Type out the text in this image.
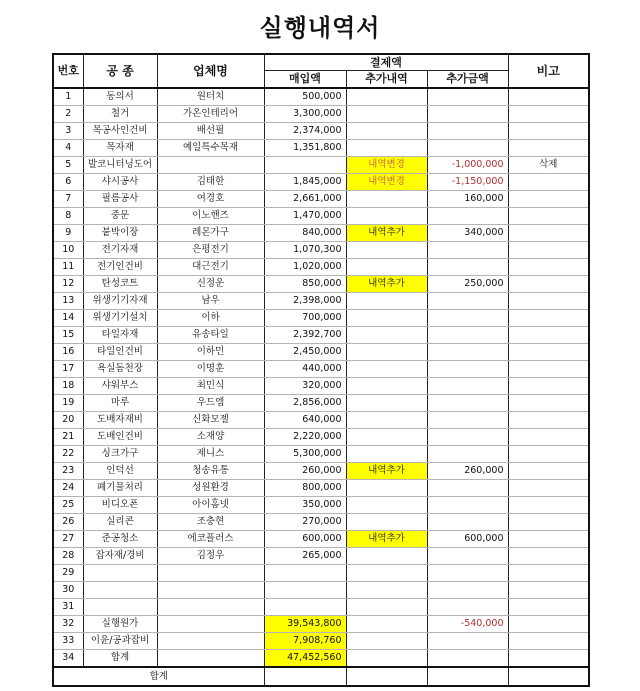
실행내역서
번호	공 종	업체명	결제액			비고
			매입액	추가내역	추가금액	
1	동의서	원터치	500,000			
2	철거	가온인테리어	3,300,000			
3	목공사인건비	배선필	2,374,000			
4	목자재	예일특수목재	1,351,800			
5	발코니터닝도어			내역변경	-1,000,000	삭제
6	샤시공사	김태한	1,845,000	내역변경	-1,150,000	
7	필름공사	여경호	2,661,000		160,000	
8	중문	이노핸즈	1,470,000			
9	붙박이장	레몬가구	840,000	내역추가	340,000	
10	전기자재	은평전기	1,070,300			
11	전기인건비	대근전기	1,020,000			
12	탄성코트	신정운	850,000	내역추가	250,000	
13	위생기기자재	남우	2,398,000			
14	위생기기설치	이하	700,000			
15	타일자재	유송타일	2,392,700			
16	타일인건비	이하민	2,450,000			
17	욕실돔천장	이명훈	440,000			
18	샤워부스	최민식	320,000			
19	마루	우드엠	2,856,000			
20	도배자재비	신화모젤	640,000			
21	도배인건비	소재양	2,220,000			
22	싱크가구	제니스	5,300,000			
23	인덕선	청송유통	260,000	내역추가	260,000	
24	폐기물처리	성원환경	800,000			
25	비디오폰	아이홈넷	350,000			
26	실리콘	조충현	270,000			
27	준공청소	에코플러스	600,000	내역추가	600,000	
28	잡자재/경비	김정우	265,000			
29						
30						
31						
32	실행원가		39,543,800		-540,000	
33	이윤/공과잡비		7,908,760			
34	합계		47,452,560			
합계						
